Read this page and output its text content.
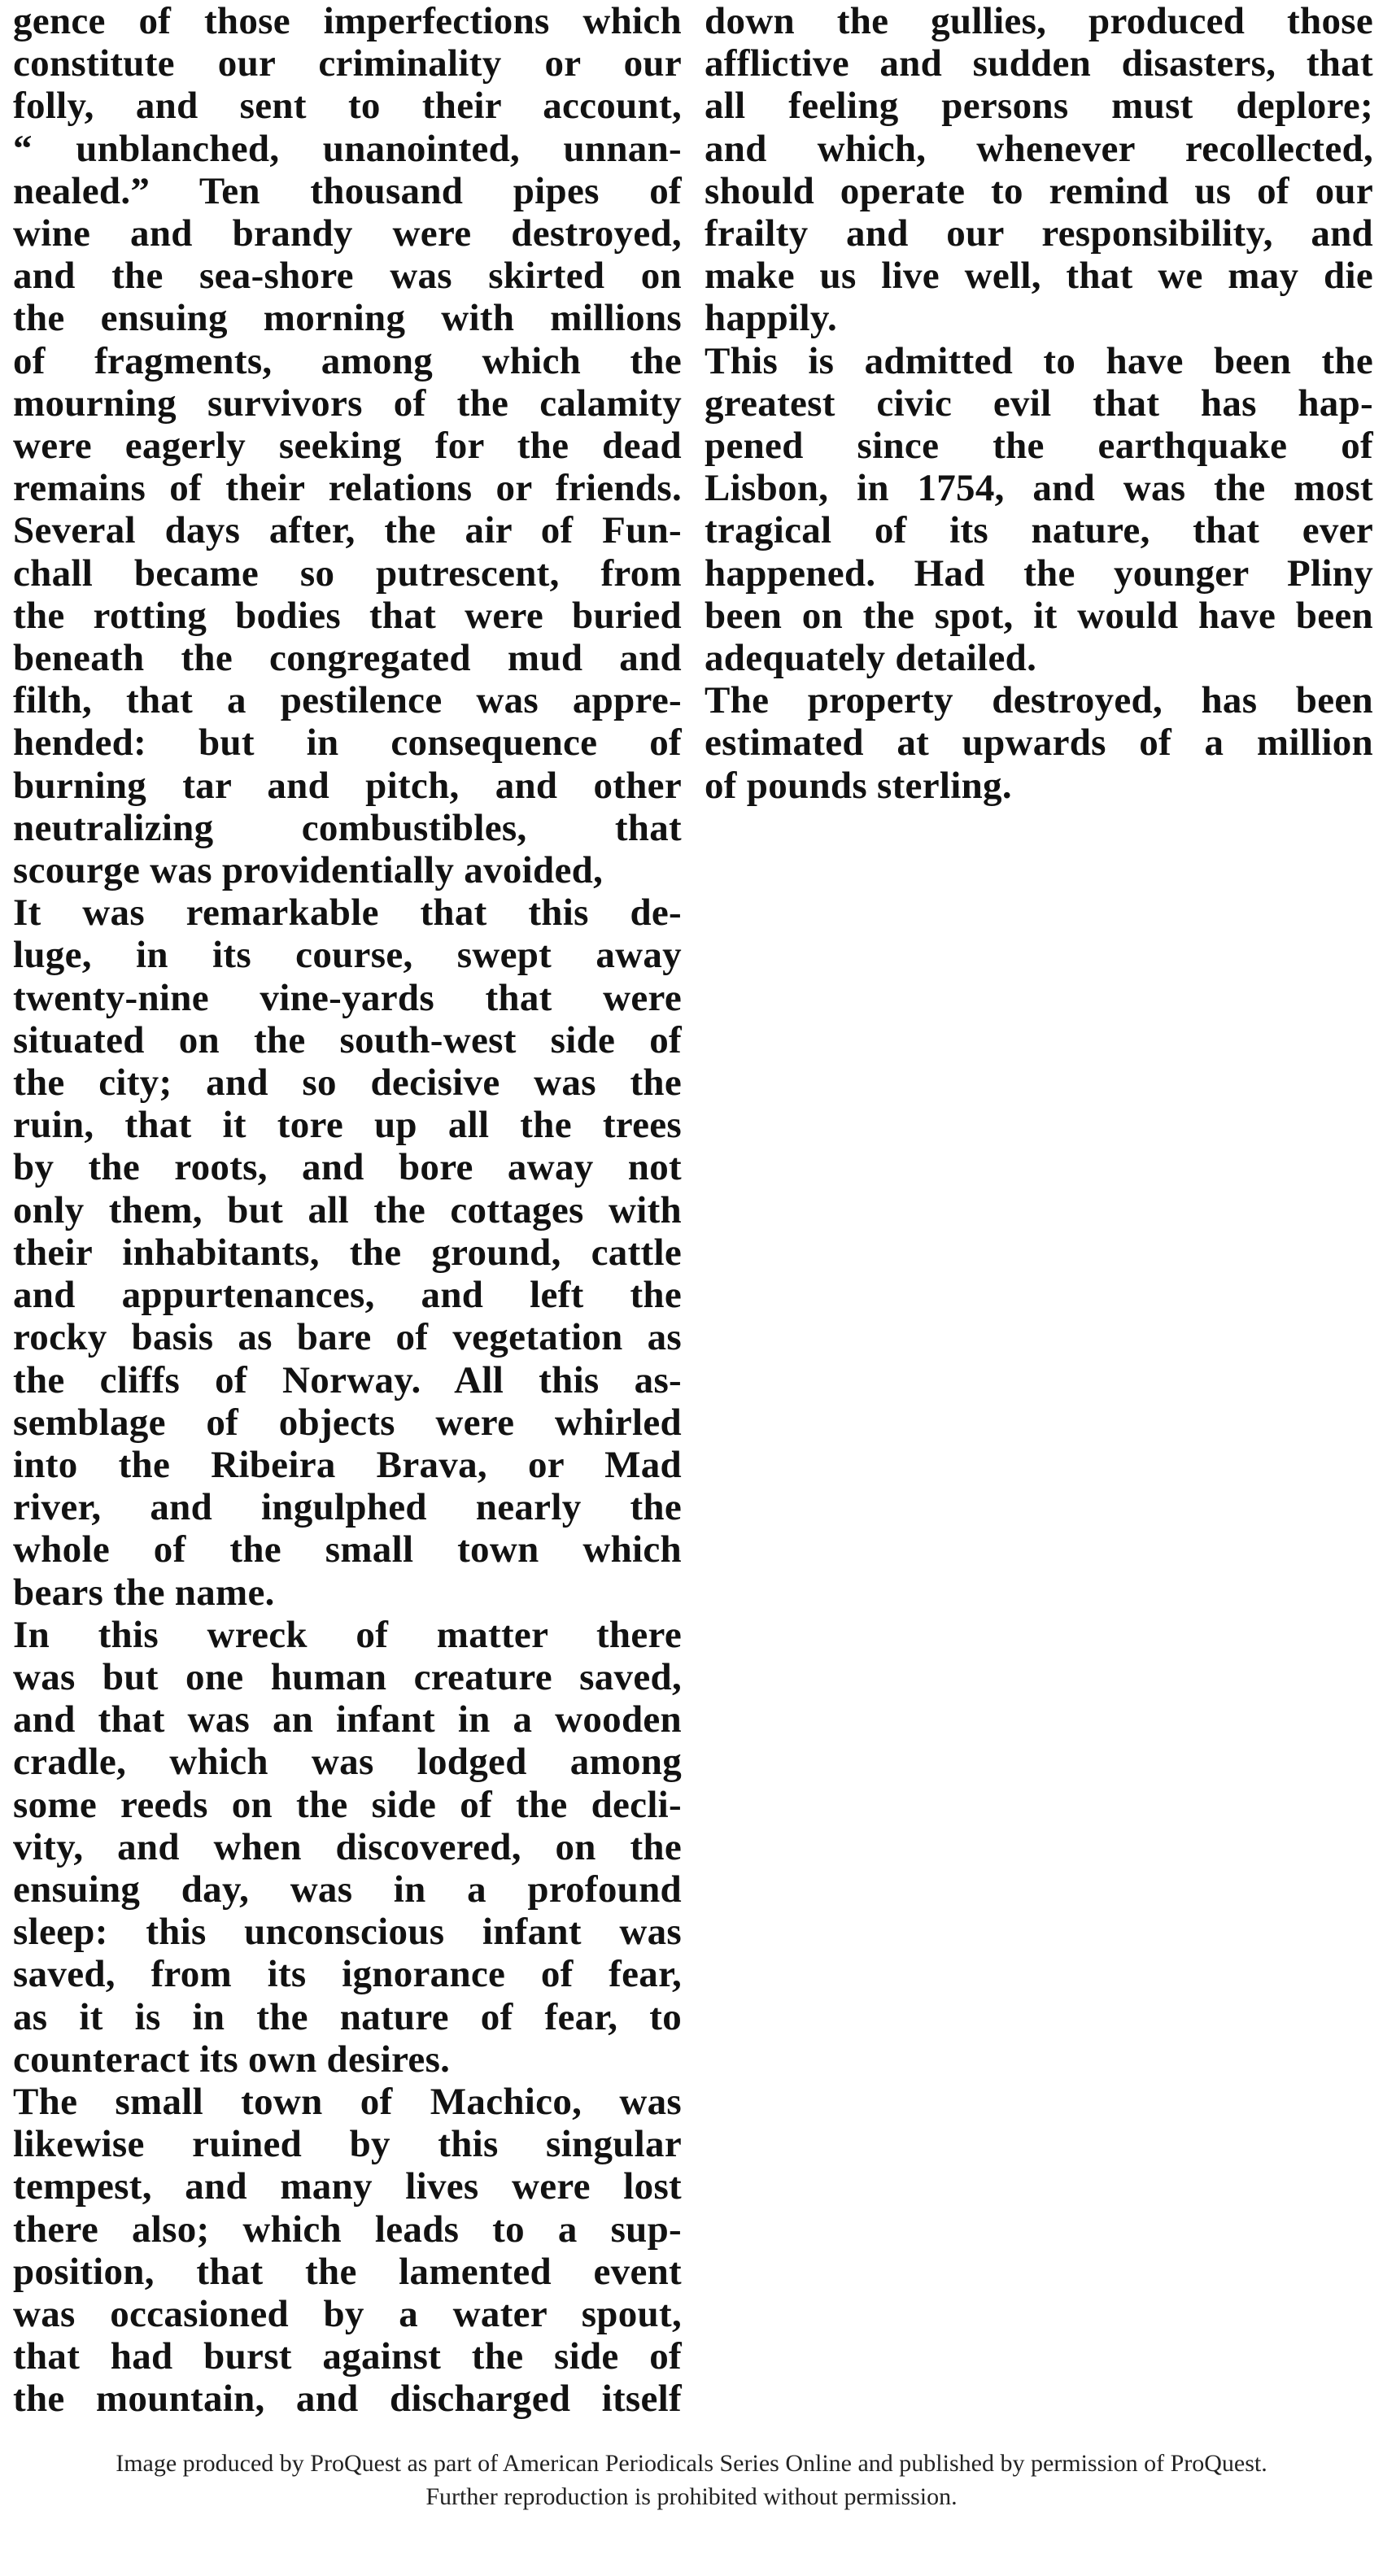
gence of those imperfections which
constitute our criminality or our
folly, and sent to their account,
“ unblanched, unanointed, unnan-
nealed.” Ten thousand pipes of
wine and brandy were destroyed,
and the sea-shore was skirted on
the ensuing morning with millions
of fragments, among which the
mourning survivors of the calamity
were eagerly seeking for the dead
remains of their relations or friends.
Several days after, the air of Fun-
chall became so putrescent, from
the rotting bodies that were buried
beneath the congregated mud and
filth, that a pestilence was appre-
hended: but in consequence of
burning tar and pitch, and other
neutralizing combustibles, that
scourge was providentially avoided,
It was remarkable that this de-
luge, in its course, swept away
twenty-nine vine-yards that were
situated on the south-west side of
the city; and so decisive was the
ruin, that it tore up all the trees
by the roots, and bore away not
only them, but all the cottages with
their inhabitants, the ground, cattle
and appurtenances, and left the
rocky basis as bare of vegetation as
the cliffs of Norway. All this as-
semblage of objects were whirled
into the Ribeira Brava, or Mad
river, and ingulphed nearly the
whole of the small town which
bears the name.
In this wreck of matter there
was but one human creature saved,
and that was an infant in a wooden
cradle, which was lodged among
some reeds on the side of the decli-
vity, and when discovered, on the
ensuing day, was in a profound
sleep: this unconscious infant was
saved, from its ignorance of fear,
as it is in the nature of fear, to
counteract its own desires.
The small town of Machico, was
likewise ruined by this singular
tempest, and many lives were lost
there also; which leads to a sup-
position, that the lamented event
was occasioned by a water spout,
that had burst against the side of
the mountain, and discharged itself
down the gullies, produced those
afflictive and sudden disasters, that
all feeling persons must deplore;
and which, whenever recollected,
should operate to remind us of our
frailty and our responsibility, and
make us live well, that we may die
happily.
This is admitted to have been the
greatest civic evil that has hap-
pened since the earthquake of
Lisbon, in 1754, and was the most
tragical of its nature, that ever
happened. Had the younger Pliny
been on the spot, it would have been
adequately detailed.
The property destroyed, has been
estimated at upwards of a million
of pounds sterling.
Image produced by ProQuest as part of American Periodicals Series Online and published by permission of ProQuest.
Further reproduction is prohibited without permission.
